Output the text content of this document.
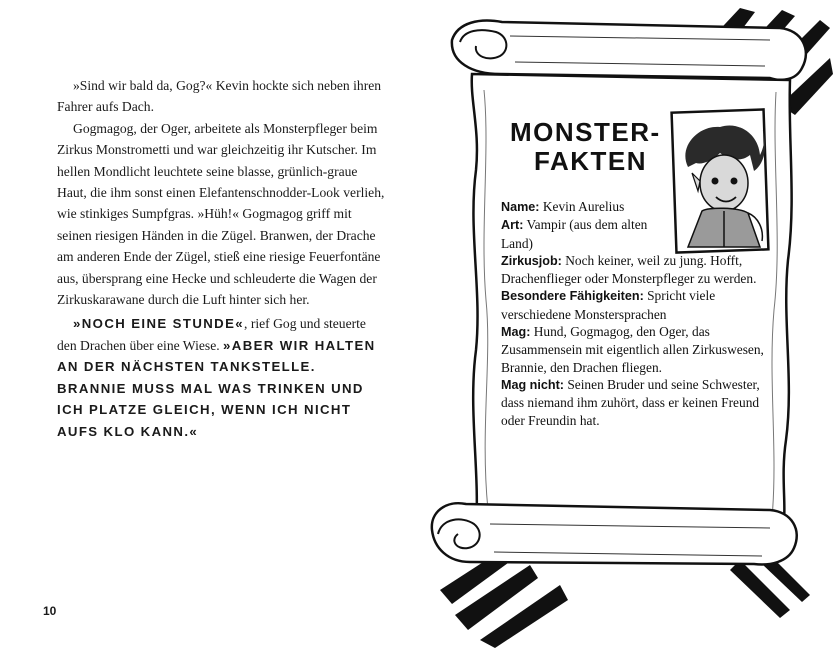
»Sind wir bald da, Gog?« Kevin hockte sich neben ihren Fahrer aufs Dach.

Gogmagog, der Oger, arbeitete als Monsterpfleger beim Zirkus Monstrometti und war gleichzeitig ihr Kutscher. Im hellen Mondlicht leuchtete seine blasse, grünlich-graue Haut, die ihm sonst einen Elefantenschnodder-Look verlieh, wie stinkiges Sumpfgras. »Hüh!« Gogmagog griff mit seinen riesigen Händen in die Zügel. Branwen, der Drache am anderen Ende der Zügel, stieß eine riesige Feuerfontäne aus, übersprang eine Hecke und schleuderte die Wagen der Zirkuskarawane durch die Luft hinter sich her.

»NOCH EINE STUNDE«, rief Gog und steuerte den Drachen über eine Wiese. »ABER WIR HALTEN AN DER NÄCHSTEN TANKSTELLE. BRANNIE MUSS MAL WAS TRINKEN UND ICH PLATZE GLEICH, WENN ICH NICHT AUFS KLO KANN.«

10
MONSTER-
FAKTEN
Name: Kevin Aurelius
Art: Vampir (aus dem alten Land)
Zirkusjob: Noch keiner, weil zu jung. Hofft, Drachenflieger oder Monsterpfleger zu werden.
Besondere Fähigkeiten: Spricht viele verschiedene Monstersprachen
Mag: Hund, Gogmagog, den Oger, das Zusammensein mit eigentlich allen Zirkuswesen, Brannie, den Drachen fliegen.
Mag nicht: Seinen Bruder und seine Schwester, dass niemand ihm zuhört, dass er keinen Freund oder Freundin hat.
